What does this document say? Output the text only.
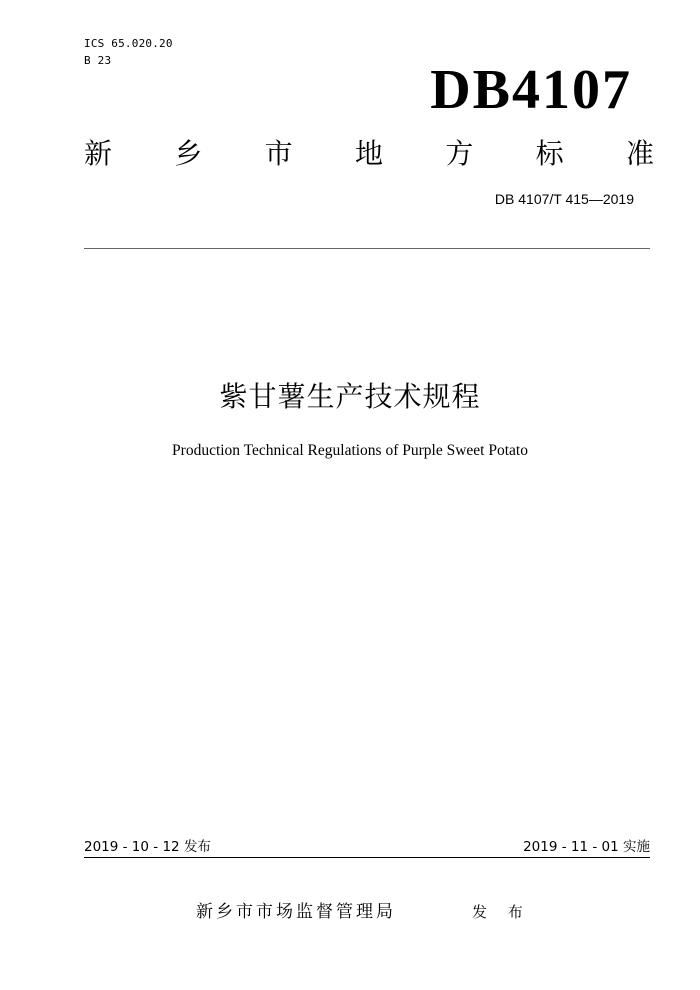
ICS 65.020.20
B 23	DB4107
新 乡 市 地 方 标 准
DB 4107/T 415—2019
紫甘薯生产技术规程
Production Technical Regulations of Purple Sweet Potato
2019 - 10 - 12 发布	2019 - 11 - 01 实施
新乡市市场监督管理局	发 布
